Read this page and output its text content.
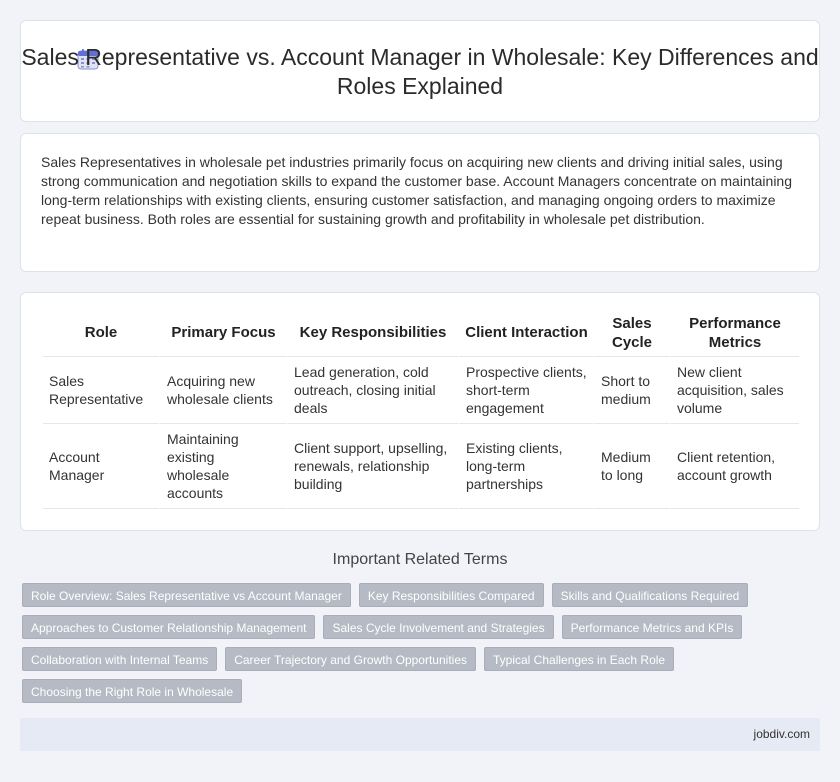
Sales Representative vs. Account Manager in Wholesale: Key Differences and Roles Explained

Sales Representatives in wholesale pet industries primarily focus on acquiring new clients and driving initial sales, using strong communication and negotiation skills to expand the customer base. Account Managers concentrate on maintaining long-term relationships with existing clients, ensuring customer satisfaction, and managing ongoing orders to maximize repeat business. Both roles are essential for sustaining growth and profitability in wholesale pet distribution.

Role	Primary Focus	Key Responsibilities	Client Interaction	Sales Cycle	Performance Metrics
Sales Representative	Acquiring new wholesale clients	Lead generation, cold outreach, closing initial deals	Prospective clients, short-term engagement	Short to medium	New client acquisition, sales volume
Account Manager	Maintaining existing wholesale accounts	Client support, upselling, renewals, relationship building	Existing clients, long-term partnerships	Medium to long	Client retention, account growth
Important Related Terms
Role Overview: Sales Representative vs Account Manager	Key Responsibilities Compared	Skills and Qualifications Required
Approaches to Customer Relationship Management	Sales Cycle Involvement and Strategies	Performance Metrics and KPIs
Collaboration with Internal Teams	Career Trajectory and Growth Opportunities	Typical Challenges in Each Role
Choosing the Right Role in Wholesale
jobdiv.com
